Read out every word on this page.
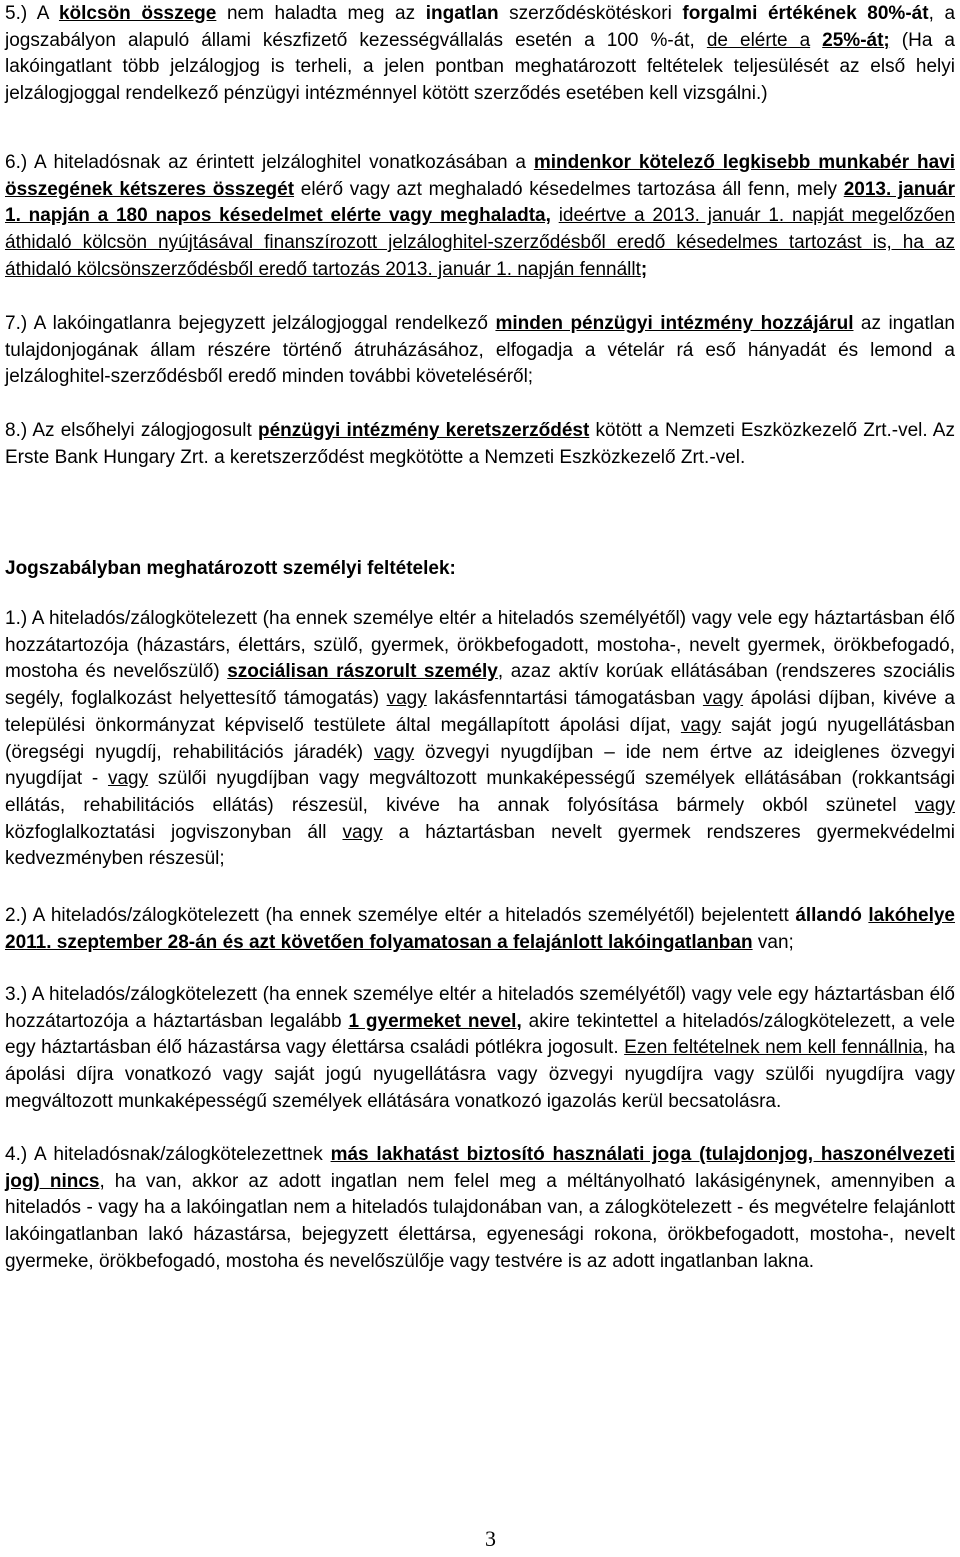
5.) A kölcsön összege nem haladta meg az ingatlan szerződéskötéskori forgalmi értékének 80%-át, a jogszabályon alapuló állami készfizető kezességvállalás esetén a 100 %-át, de elérte a 25%-át; (Ha a lakóingatlant több jelzálogjog is terheli, a jelen pontban meghatározott feltételek teljesülését az első helyi jelzálogjoggal rendelkező pénzügyi intézménnyel kötött szerződés esetében kell vizsgálni.)

6.) A hiteladósnak az érintett jelzáloghitel vonatkozásában a mindenkor kötelező legkisebb munkabér havi összegének kétszeres összegét elérő vagy azt meghaladó késedelmes tartozása áll fenn, mely 2013. január 1. napján a 180 napos késedelmet elérte vagy meghaladta, ideértve a 2013. január 1. napját megelőzően áthidaló kölcsön nyújtásával finanszírozott jelzáloghitel-szerződésből eredő késedelmes tartozást is, ha az áthidaló kölcsönszerződésből eredő tartozás 2013. január 1. napján fennállt;

7.) A lakóingatlanra bejegyzett jelzálogjoggal rendelkező minden pénzügyi intézmény hozzájárul az ingatlan tulajdonjogának állam részére történő átruházásához, elfogadja a vételár rá eső hányadát és lemond a jelzáloghitel-szerződésből eredő minden további követeléséről;

8.) Az elsőhelyi zálogjogosult pénzügyi intézmény keretszerződést kötött a Nemzeti Eszközkezelő Zrt.-vel. Az Erste Bank Hungary Zrt. a keretszerződést megkötötte a Nemzeti Eszközkezelő Zrt.-vel.

Jogszabályban meghatározott személyi feltételek:

1.) A hiteladós/zálogkötelezett (ha ennek személye eltér a hiteladós személyétől) vagy vele egy háztartásban élő hozzátartozója (házastárs, élettárs, szülő, gyermek, örökbefogadott, mostoha-, nevelt gyermek, örökbefogadó, mostoha és nevelőszülő) szociálisan rászorult személy, azaz aktív korúak ellátásában (rendszeres szociális segély, foglalkozást helyettesítő támogatás) vagy lakásfenntartási támogatásban vagy ápolási díjban, kivéve a települési önkormányzat képviselő testülete által megállapított ápolási díjat, vagy saját jogú nyugellátásban (öregségi nyugdíj, rehabilitációs járadék) vagy özvegyi nyugdíjban – ide nem értve az ideiglenes özvegyi nyugdíjat - vagy szülői nyugdíjban vagy megváltozott munkaképességű személyek ellátásában (rokkantsági ellátás, rehabilitációs ellátás) részesül, kivéve ha annak folyósítása bármely okból szünetel vagy közfoglalkoztatási jogviszonyban áll vagy a háztartásban nevelt gyermek rendszeres gyermekvédelmi kedvezményben részesül;

2.) A hiteladós/zálogkötelezett (ha ennek személye eltér a hiteladós személyétől) bejelentett állandó lakóhelye 2011. szeptember 28-án és azt követően folyamatosan a felajánlott lakóingatlanban van;

3.) A hiteladós/zálogkötelezett (ha ennek személye eltér a hiteladós személyétől) vagy vele egy háztartásban élő hozzátartozója a háztartásban legalább 1 gyermeket nevel, akire tekintettel a hiteladós/zálogkötelezett, a vele egy háztartásban élő házastársa vagy élettársa családi pótlékra jogosult. Ezen feltételnek nem kell fennállnia, ha ápolási díjra vonatkozó vagy saját jogú nyugellátásra vagy özvegyi nyugdíjra vagy szülői nyugdíjra vagy megváltozott munkaképességű személyek ellátására vonatkozó igazolás kerül becsatolásra.

4.) A hiteladósnak/zálogkötelezettnek más lakhatást biztosító használati joga (tulajdonjog, haszonélvezeti jog) nincs, ha van, akkor az adott ingatlan nem felel meg a méltányolható lakásigénynek, amennyiben a hiteladós - vagy ha a lakóingatlan nem a hiteladós tulajdonában van, a zálogkötelezett - és megvételre felajánlott lakóingatlanban lakó házastársa, bejegyzett élettársa, egyenesági rokona, örökbefogadott, mostoha-, nevelt gyermeke, örökbefogadó, mostoha és nevelőszülője vagy testvére is az adott ingatlanban lakna.

3
